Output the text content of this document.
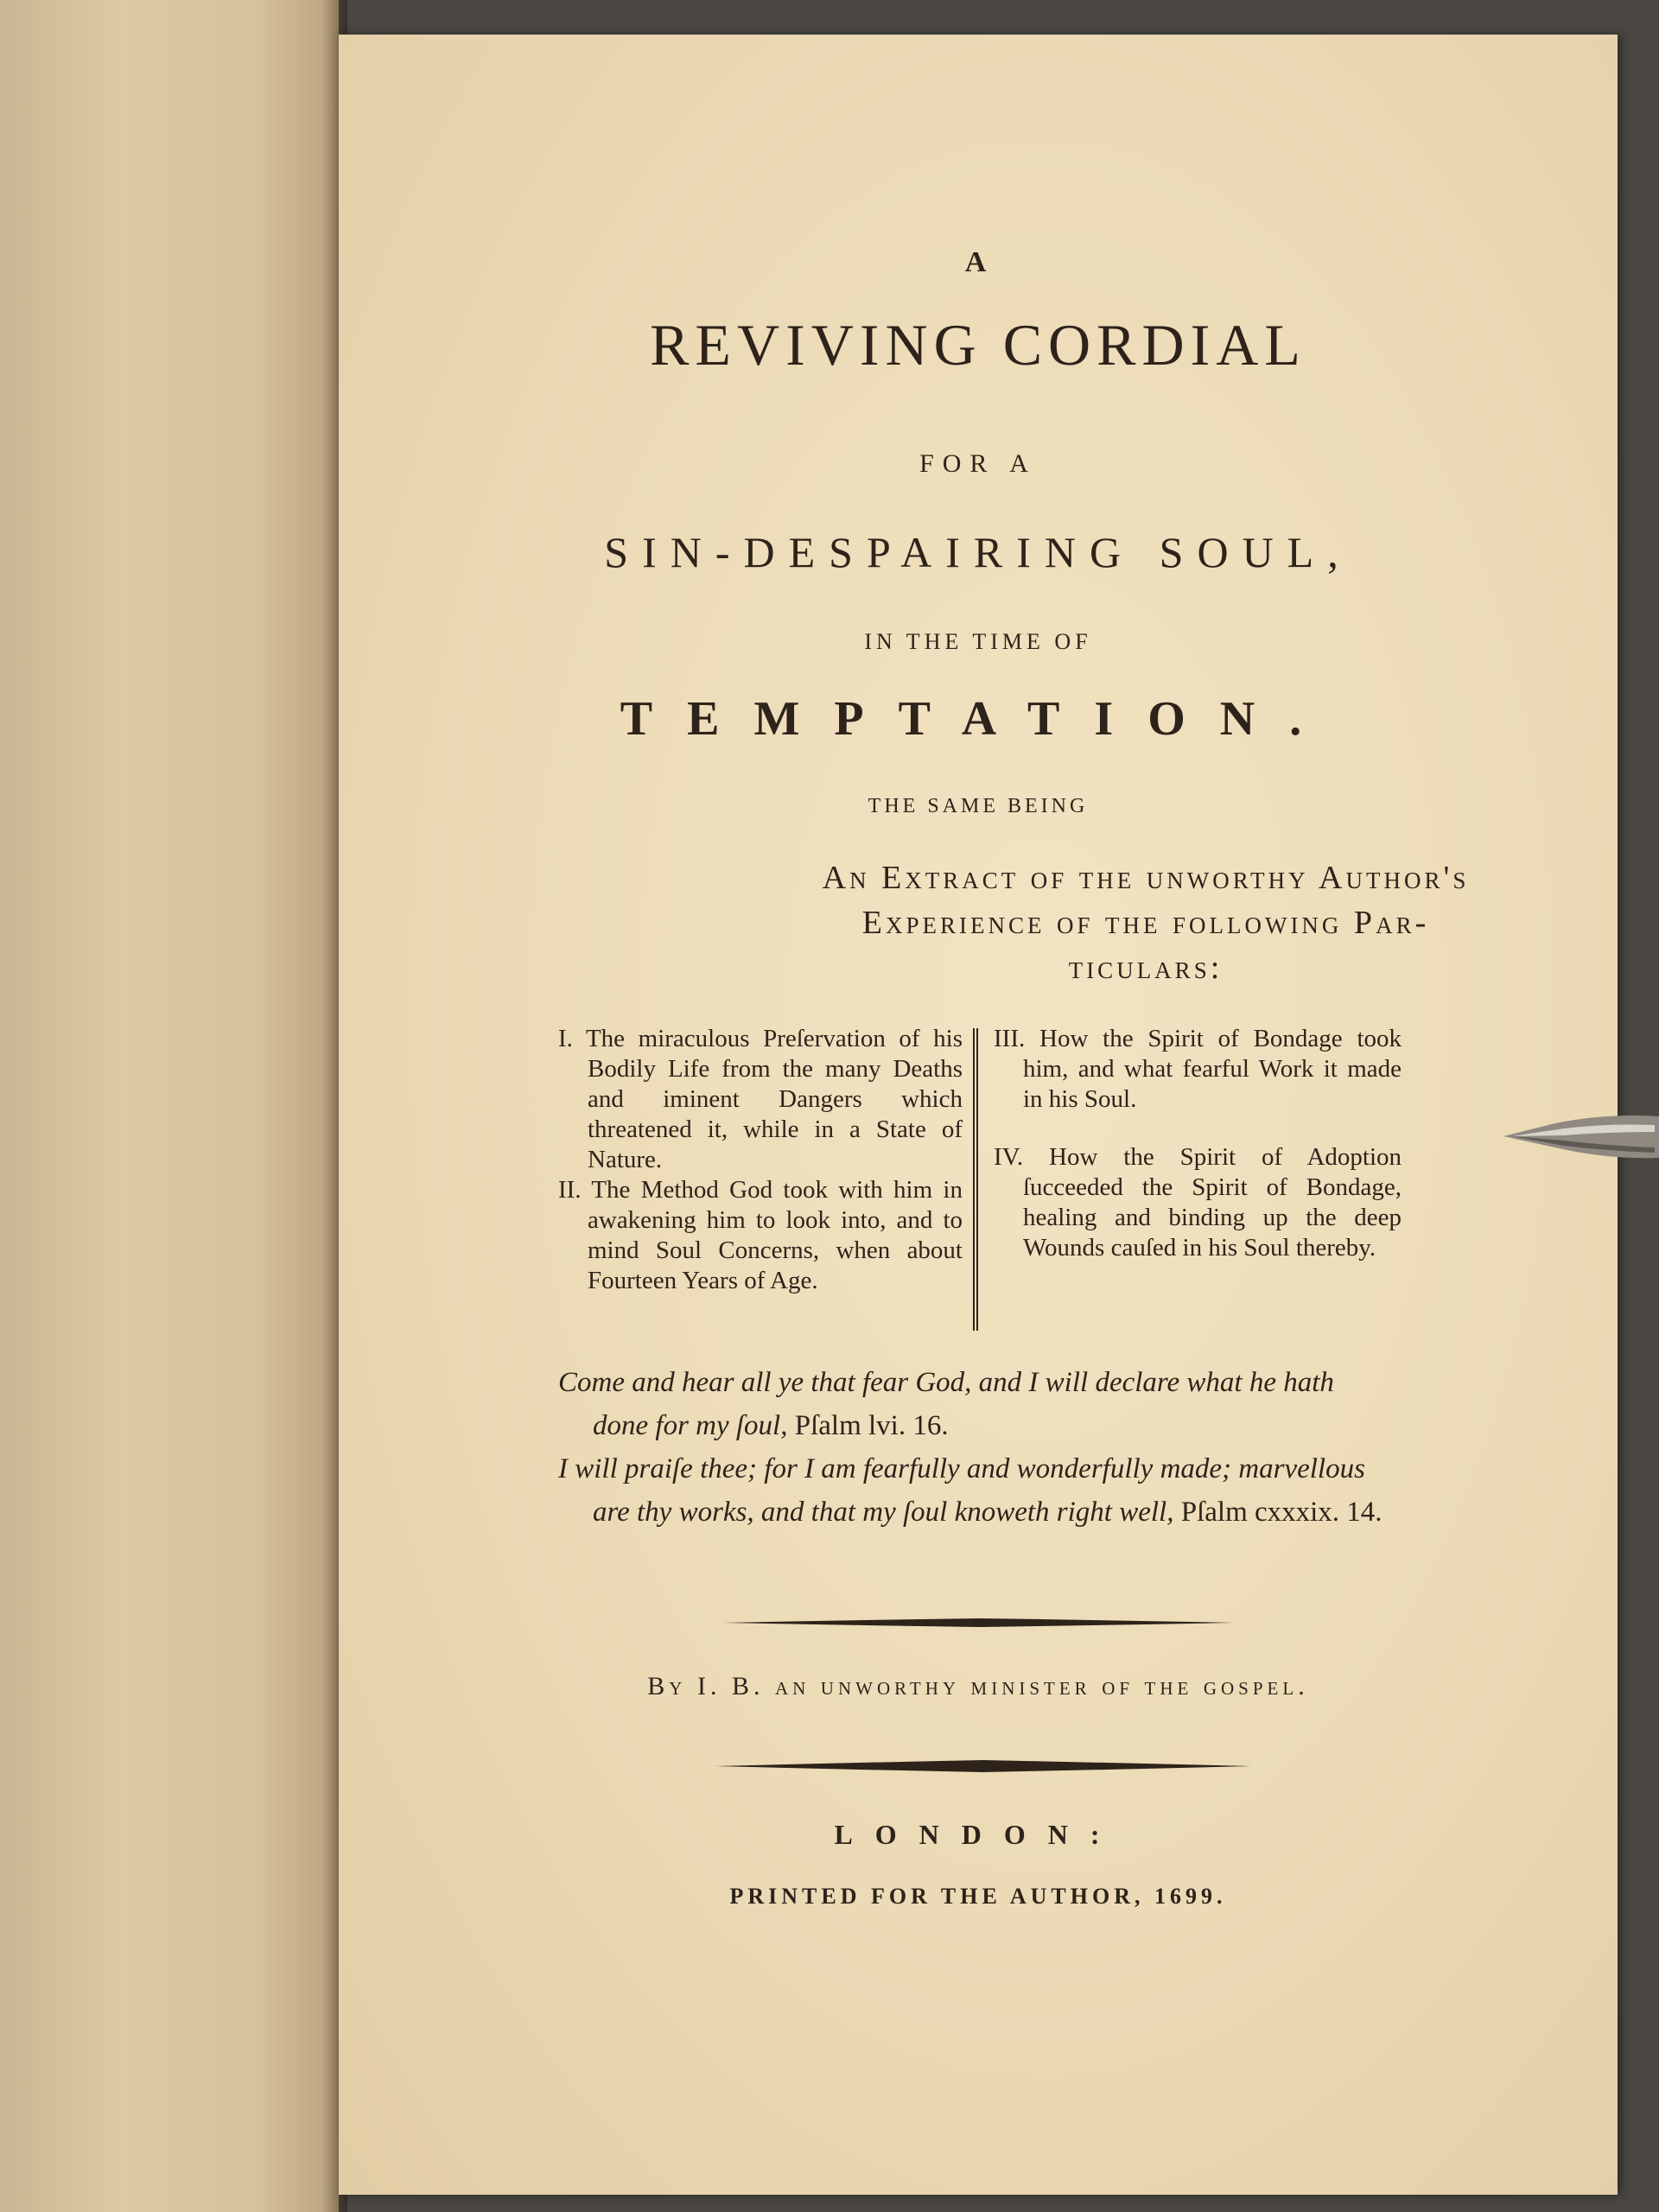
A
REVIVING CORDIAL
FOR A
SIN-DESPAIRING SOUL,
IN THE TIME OF
TEMPTATION.
THE SAME BEING
An Extract of the unworthy Author's
Experience of the following Par-
ticulars:

I. The miraculous Preſervation of his Bodily Life from the many Deaths and iminent Dangers which threatened it, while in a State of Nature.

II. The Method God took with him in awakening him to look into, and to mind Soul Concerns, when about Fourteen Years of Age.

III. How the Spirit of Bondage took him, and what fearful Work it made in his Soul.

IV. How the Spirit of Adoption ſucceeded the Spirit of Bondage, healing and binding up the deep Wounds cauſed in his Soul thereby.

Come and hear all ye that fear God, and I will declare what he hath done for my ſoul, Pſalm lvi. 16.

I will praiſe thee; for I am fearfully and wonderfully made; marvellous are thy works, and that my ſoul knoweth right well, Pſalm cxxxix. 14.

By I. B. an unworthy minister of the gospel.
LONDON:
PRINTED FOR THE AUTHOR, 1699.
